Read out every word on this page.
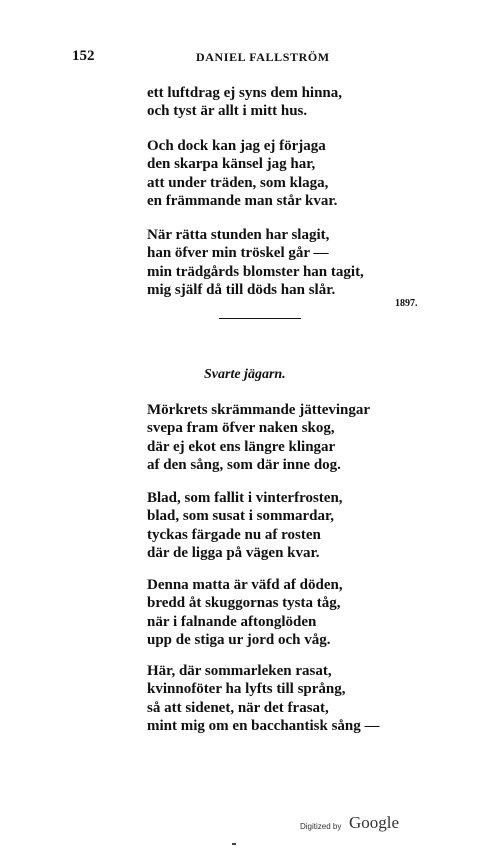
152	DANIEL FALLSTRÖM
ett luftdrag ej syns dem hinna,
och tyst är allt i mitt hus.
Och dock kan jag ej förjaga
den skarpa känsel jag har,
att under träden, som klaga,
en främmande man står kvar.
När rätta stunden har slagit,
han öfver min tröskel går —
min trädgårds blomster han tagit,
mig själf då till döds han slår.
1897.
Svarte jägarn.
Mörkrets skrämmande jättevingar
svepa fram öfver naken skog,
där ej ekot ens längre klingar
af den sång, som där inne dog.
Blad, som fallit i vinterfrosten,
blad, som susat i sommardar,
tyckas färgade nu af rosten
där de ligga på vägen kvar.
Denna matta är väfd af döden,
bredd åt skuggornas tysta tåg,
när i falnande aftonglöden
upp de stiga ur jord och våg.
Här, där sommarleken rasat,
kvinnoföter ha lyfts till språng,
så att sidenet, när det frasat,
mint mig om en bacchantisk sång —
Digitized by Google
